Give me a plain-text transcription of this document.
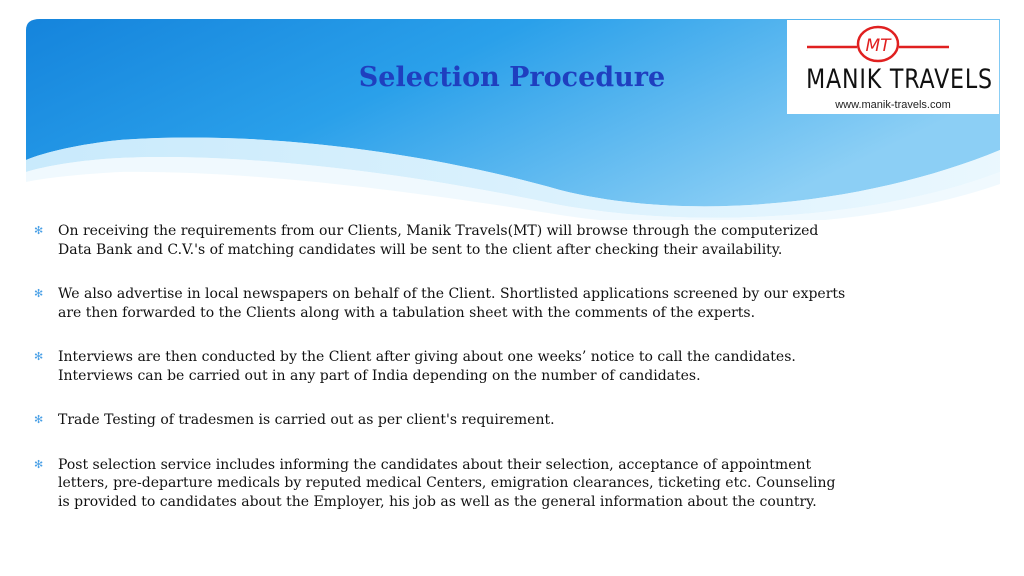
Selection Procedure
MT
MANIK TRAVELS
www.manik-travels.com
✻ On receiving the requirements from our Clients, Manik Travels(MT) will browse through the computerized Data Bank and C.V.'s of matching candidates will be sent to the client after checking their availability.
✻ We also advertise in local newspapers on behalf of the Client. Shortlisted applications screened by our experts are then forwarded to the Clients along with a tabulation sheet with the comments of the experts.
✻ Interviews are then conducted by the Client after giving about one weeks’ notice to call the candidates. Interviews can be carried out in any part of India depending on the number of candidates.
✻ Trade Testing of tradesmen is carried out as per client's requirement.
✻ Post selection service includes informing the candidates about their selection, acceptance of appointment letters, pre-departure medicals by reputed medical Centers, emigration clearances, ticketing etc. Counseling is provided to candidates about the Employer, his job as well as the general information about the country.
